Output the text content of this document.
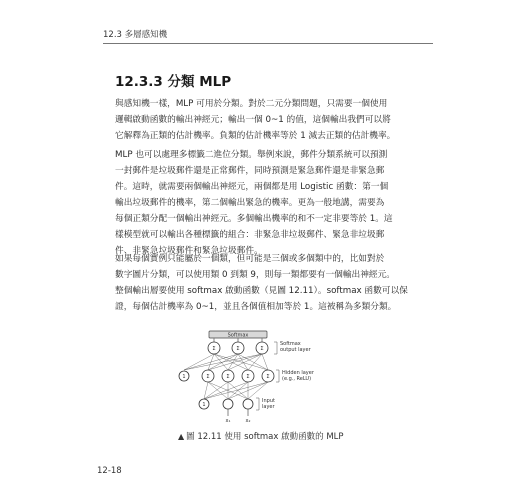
12.3 多層感知機
12.3.3 分類 MLP
與感知機一樣，MLP 可用於分類。對於二元分類問題，只需要一個使用
邏輯啟動函數的輸出神經元；輸出一個 0~1 的值，這個輸出我們可以將
它解釋為正類的估計機率。負類的估計機率等於 1 減去正類的估計機率。
MLP 也可以處理多標籤二進位分類。舉例來說，郵件分類系統可以預測
一封郵件是垃圾郵件還是正常郵件，同時預測是緊急郵件還是非緊急郵
件。這時，就需要兩個輸出神經元，兩個都是用 Logistic 函數：第一個
輸出垃圾郵件的機率，第二個輸出緊急的機率。更為一般地講，需要為
每個正類分配一個輸出神經元。多個輸出機率的和不一定非要等於 1。這
樣模型就可以輸出各種標籤的組合：非緊急非垃圾郵件、緊急非垃圾郵
件、非緊急垃圾郵件和緊急垃圾郵件。
如果每個實例只能屬於一個類，但可能是三個或多個類中的，比如對於
數字圖片分類，可以使用類 0 到類 9，則每一類都要有一個輸出神經元。
整個輸出層要使用 softmax 啟動函數（見圖 12.11）。softmax 函數可以保
證，每個估計機率為 0~1，並且各個值相加等於 1。這被稱為多類分類。
Softmax
Σ	Σ	Σ
1	Σ	Σ	Σ	Σ
1
x₁	x₂
Softmax
output layer
Hidden layer
(e.g., ReLU)
Input
layer
▲ 圖 12.11 使用 softmax 啟動函數的 MLP
12-18
